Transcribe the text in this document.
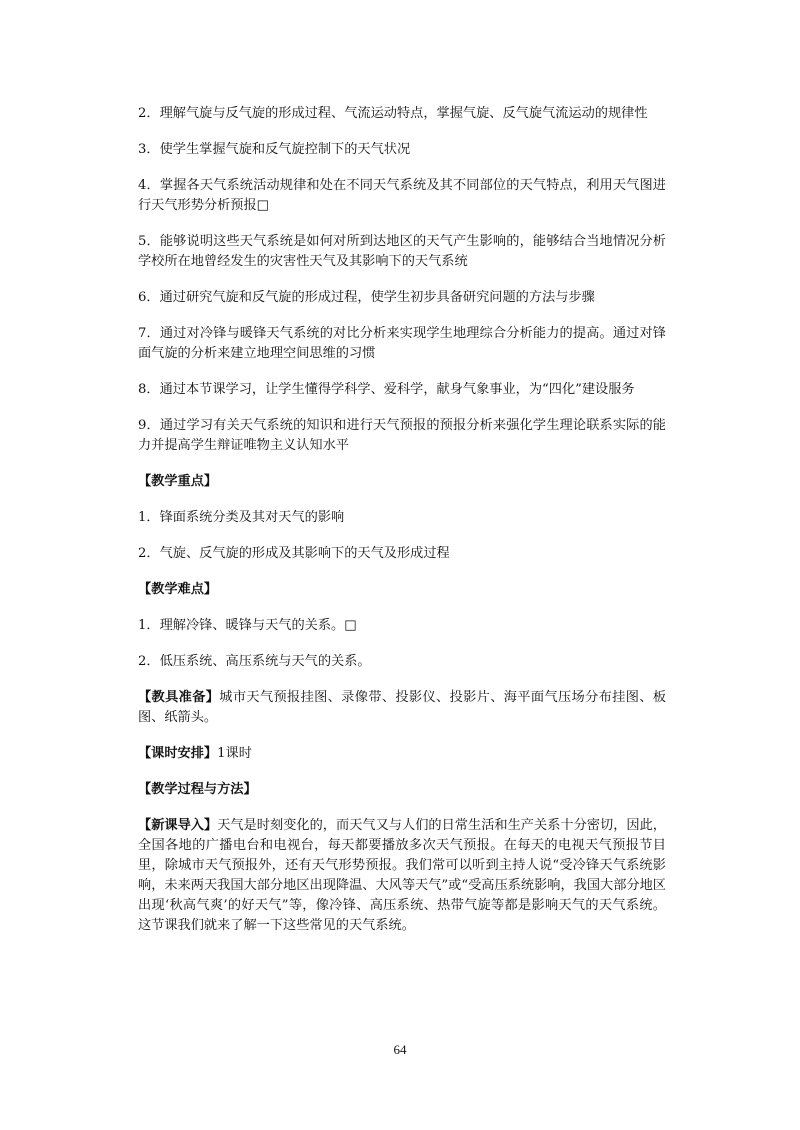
2．理解气旋与反气旋的形成过程、气流运动特点，掌握气旋、反气旋气流运动的规律性

3．使学生掌握气旋和反气旋控制下的天气状况

4．掌握各天气系统活动规律和处在不同天气系统及其不同部位的天气特点，利用天气图进行天气形势分析预报□

5．能够说明这些天气系统是如何对所到达地区的天气产生影响的，能够结合当地情况分析学校所在地曾经发生的灾害性天气及其影响下的天气系统

6．通过研究气旋和反气旋的形成过程，使学生初步具备研究问题的方法与步骤

7．通过对冷锋与暖锋天气系统的对比分析来实现学生地理综合分析能力的提高。通过对锋面气旋的分析来建立地理空间思维的习惯

8．通过本节课学习，让学生懂得学科学、爱科学，献身气象事业，为“四化”建设服务

9．通过学习有关天气系统的知识和进行天气预报的预报分析来强化学生理论联系实际的能力并提高学生辩证唯物主义认知水平

【教学重点】

1．锋面系统分类及其对天气的影响

2．气旋、反气旋的形成及其影响下的天气及形成过程

【教学难点】

1．理解冷锋、暖锋与天气的关系。□

2．低压系统、高压系统与天气的关系。

【教具准备】城市天气预报挂图、录像带、投影仪、投影片、海平面气压场分布挂图、板图、纸箭头。

【课时安排】1课时

【教学过程与方法】

【新课导入】天气是时刻变化的，而天气又与人们的日常生活和生产关系十分密切，因此，全国各地的广播电台和电视台，每天都要播放多次天气预报。在每天的电视天气预报节目里，除城市天气预报外，还有天气形势预报。我们常可以听到主持人说“受冷锋天气系统影响，未来两天我国大部分地区出现降温、大风等天气”或“受高压系统影响，我国大部分地区出现‘秋高气爽’的好天气”等，像冷锋、高压系统、热带气旋等都是影响天气的天气系统。这节课我们就来了解一下这些常见的天气系统。

64
